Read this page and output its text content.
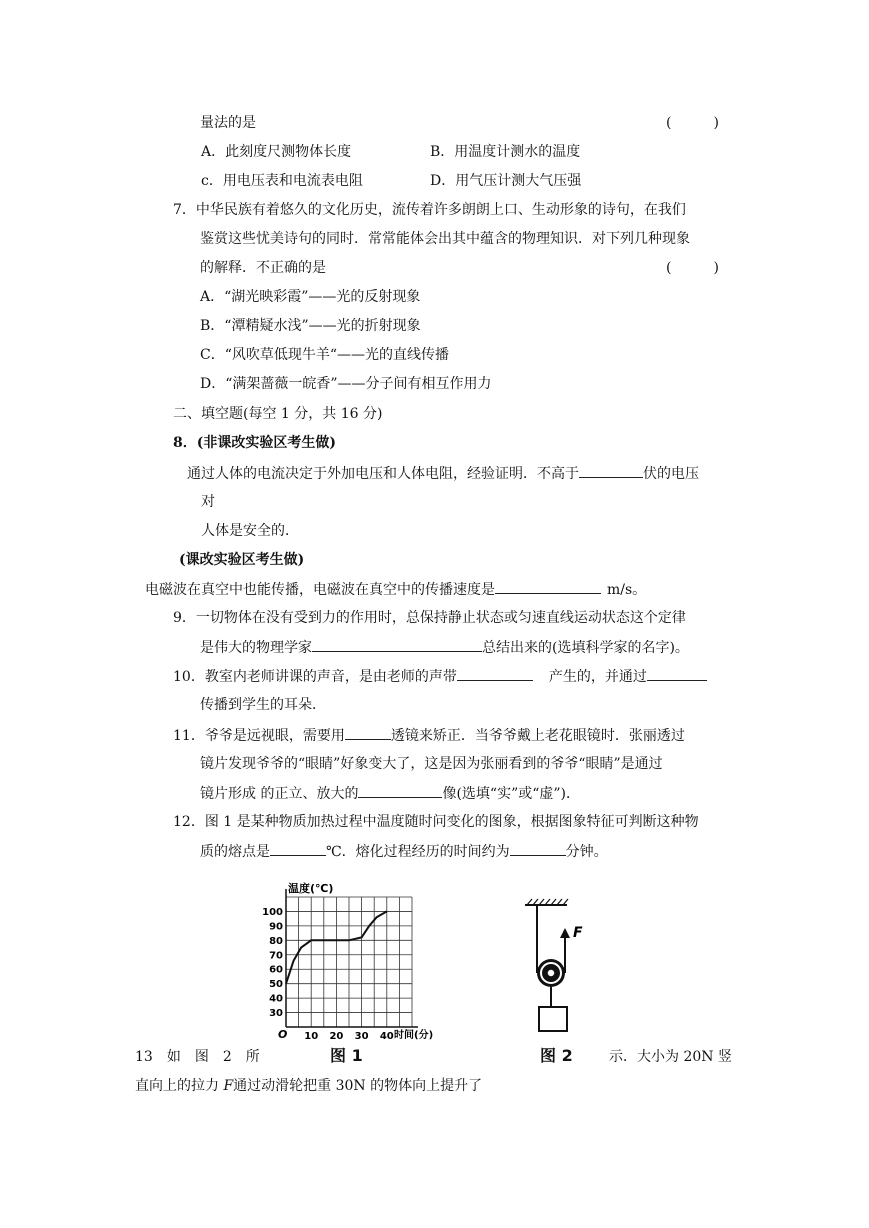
量法的是	(　　　)
A．此刻度尺测物体长度	B．用温度计测水的温度
c．用电压表和电流表电阻	D．用气压计测大气压强
7．中华民族有着悠久的文化历史，流传着许多朗朗上口、生动形象的诗句，在我们
鉴赏这些忧美诗句的同时．常常能体会出其中蕴含的物理知识．对下列几种现象
的解释．不正确的是	(　　　)
A．“湖光映彩霞”——光的反射现象
B．“潭精疑水浅”——光的折射现象
C．“风吹草低现牛羊“——光的直线传播
D．“满架蔷薇一皖香”——分子间有相互作用力
二、填空题(每空 1 分，共 16 分)
8．(非课改实验区考生做)
通过人体的电流决定于外加电压和人体电阻，经验证明．不高于	伏的电压
对
人体是安全的．
(课改实验区考生做)
电磁波在真空中也能传播，电磁波在真空中的传播速度是	m/s。
9．一切物体在没有受到力的作用时，总保持静止状态或匀速直线运动状态这个定律
是伟大的物理学家	总结出来的(选填科学家的名字)。
10．教室内老师讲课的声音，是由老师的声带	产生的，并通过
传播到学生的耳朵．
11．爷爷是远视眼，需要用	透镜来矫正．当爷爷戴上老花眼镜时．张丽透过
镜片发现爷爷的“眼睛”好象变大了，这是因为张丽看到的爷爷“眼睛”是通过
镜片形成 的正立、放大的	像(选填“实”或“虚”)．
12．图 1 是某种物质加热过程中温度随时问变化的图象，根据图象特征可判断这种物
质的熔点是	℃．熔化过程经历的时间约为	分钟。
100
90
80
70
60
50
40
30
10 20 30 40
温度(℃)
时间(分)
O
图 1
F
图 2
13　如　图　2　所	示．大小为 20N 竖
直向上的拉力 F通过动滑轮把重 30N 的物体向上提升了
